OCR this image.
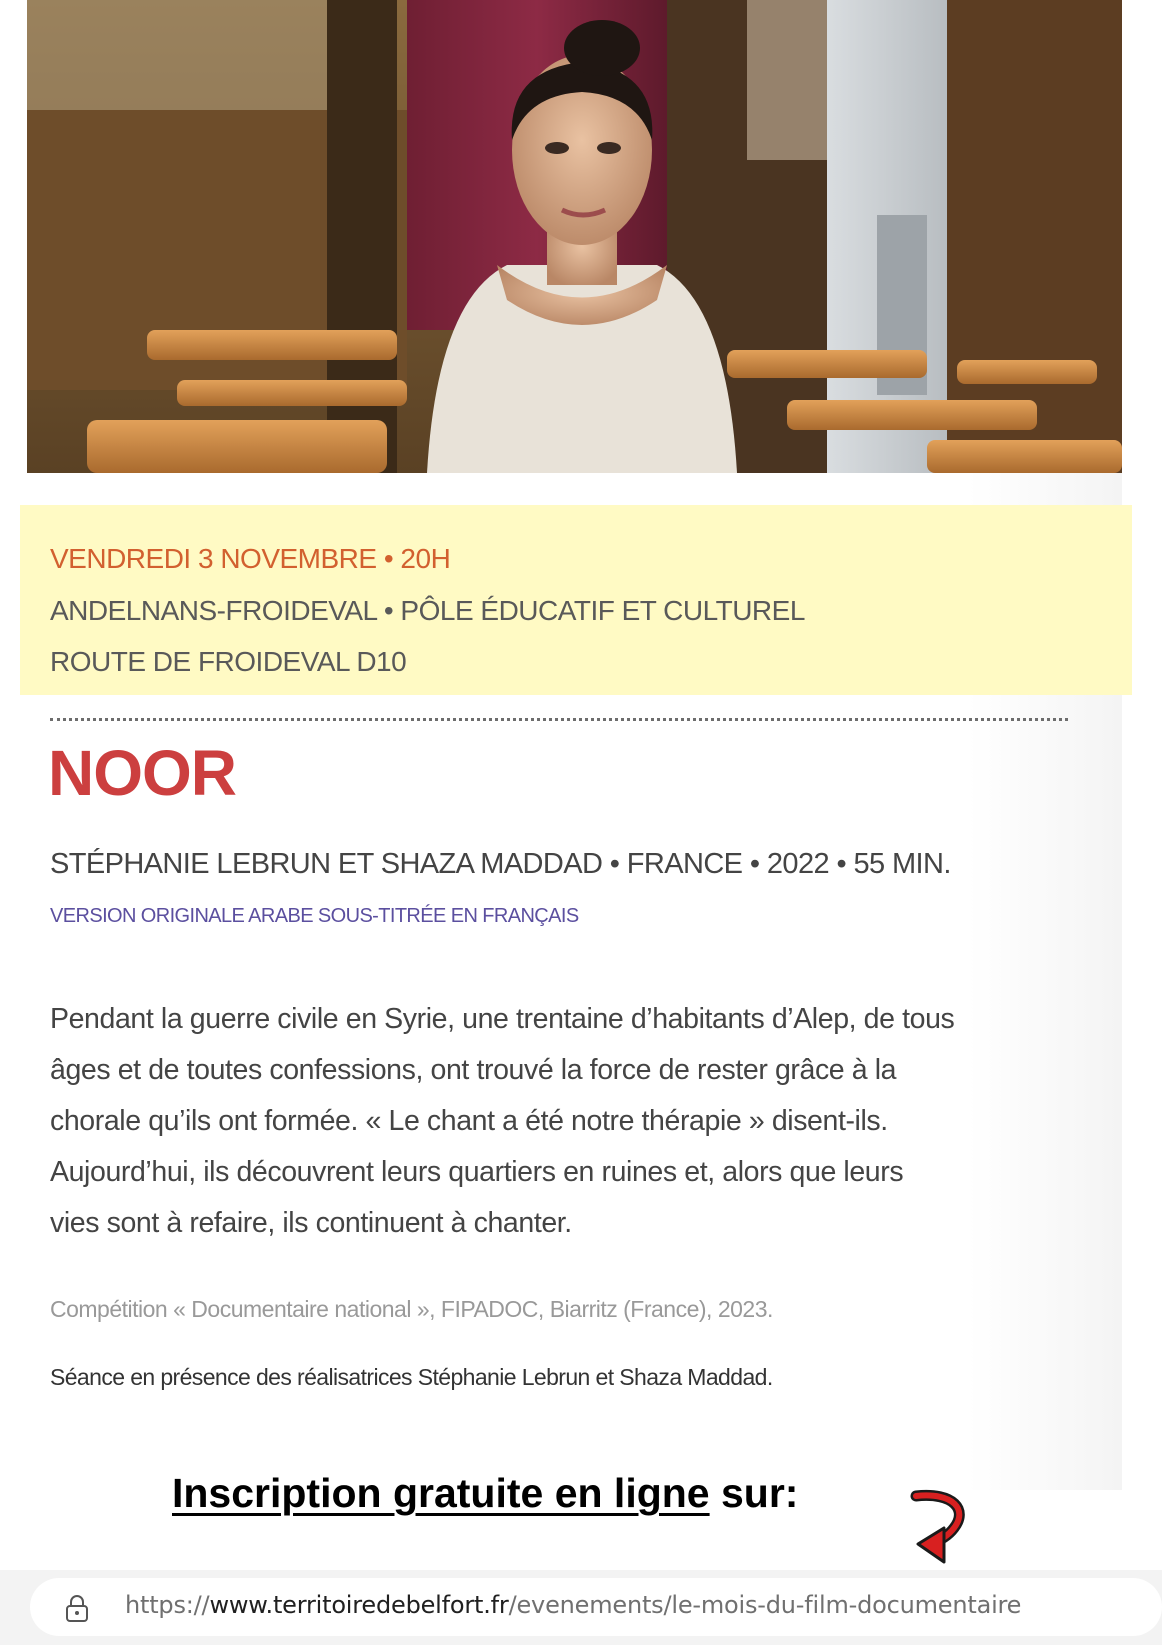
VENDREDI 3 NOVEMBRE • 20H
ANDELNANS-FROIDEVAL • PÔLE ÉDUCATIF ET CULTUREL
ROUTE DE FROIDEVAL D10
NOOR
STÉPHANIE LEBRUN ET SHAZA MADDAD • FRANCE • 2022 • 55 MIN.
VERSION ORIGINALE ARABE SOUS-TITRÉE EN FRANÇAIS

Pendant la guerre civile en Syrie, une trentaine d’habitants d’Alep, de tous
âges et de toutes confessions, ont trouvé la force de rester grâce à la
chorale qu’ils ont formée. « Le chant a été notre thérapie » disent-ils.
Aujourd’hui, ils découvrent leurs quartiers en ruines et, alors que leurs
vies sont à refaire, ils continuent à chanter.

Compétition « Documentaire national », FIPADOC, Biarritz (France), 2023.
Séance en présence des réalisatrices Stéphanie Lebrun et Shaza Maddad.
Inscription gratuite en ligne sur:
https://www.territoiredebelfort.fr/evenements/le-mois-du-film-documentaire
